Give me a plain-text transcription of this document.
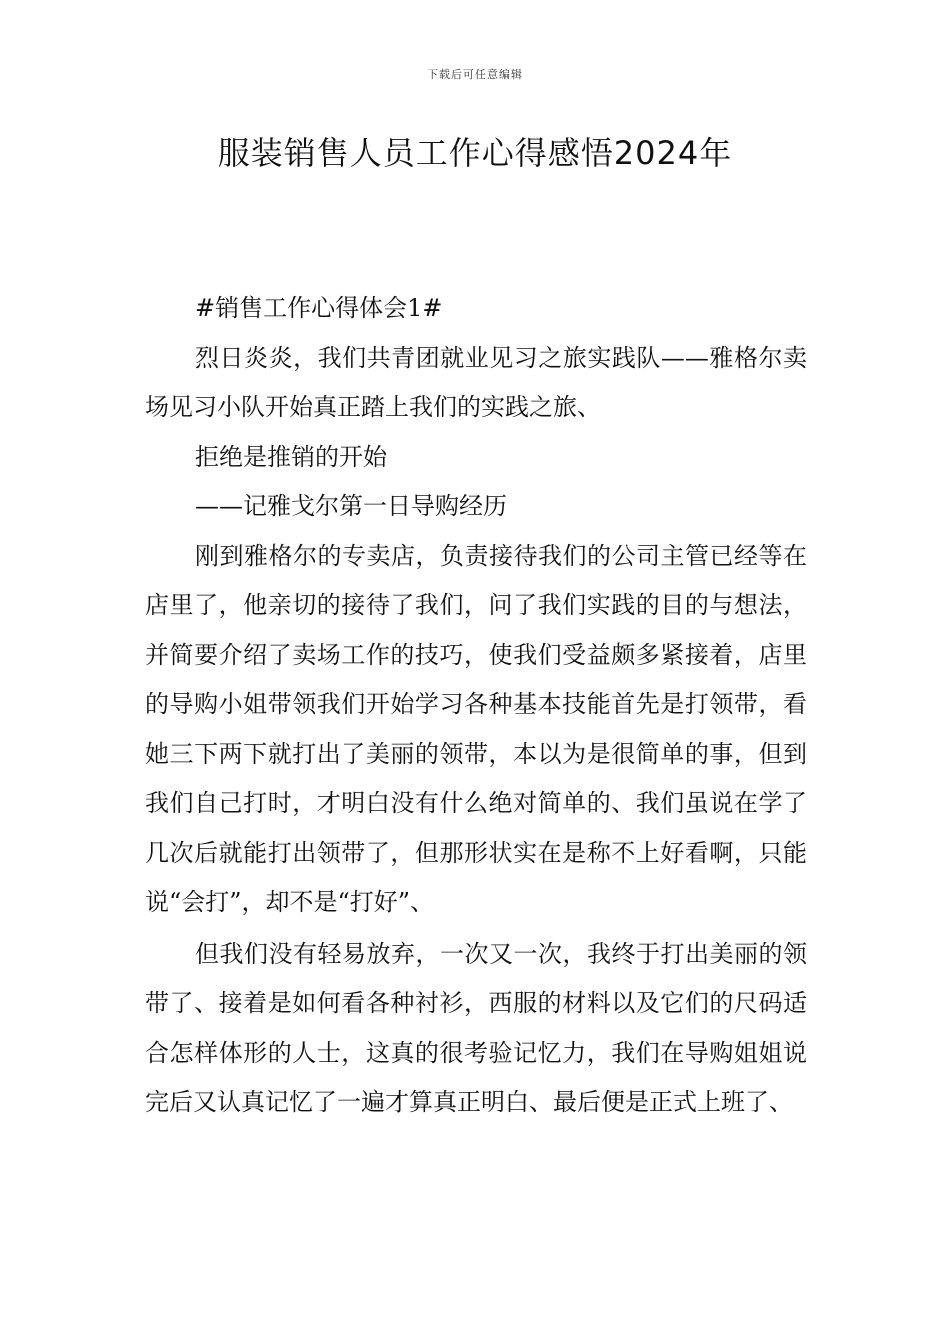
下载后可任意编辑
服装销售人员工作心得感悟2024年

#销售工作心得体会1#

烈日炎炎，我们共青团就业见习之旅实践队——雅格尔卖场见习小队开始真正踏上我们的实践之旅、

拒绝是推销的开始

——记雅戈尔第一日导购经历

刚到雅格尔的专卖店，负责接待我们的公司主管已经等在店里了，他亲切的接待了我们，问了我们实践的目的与想法，并简要介绍了卖场工作的技巧，使我们受益颇多紧接着，店里的导购小姐带领我们开始学习各种基本技能首先是打领带，看她三下两下就打出了美丽的领带，本以为是很简单的事，但到我们自己打时，才明白没有什么绝对简单的、我们虽说在学了几次后就能打出领带了，但那形状实在是称不上好看啊，只能说“会打”，却不是“打好”、

但我们没有轻易放弃，一次又一次，我终于打出美丽的领带了、接着是如何看各种衬衫，西服的材料以及它们的尺码适合怎样体形的人士，这真的很考验记忆力，我们在导购姐姐说完后又认真记忆了一遍才算真正明白、最后便是正式上班了、
